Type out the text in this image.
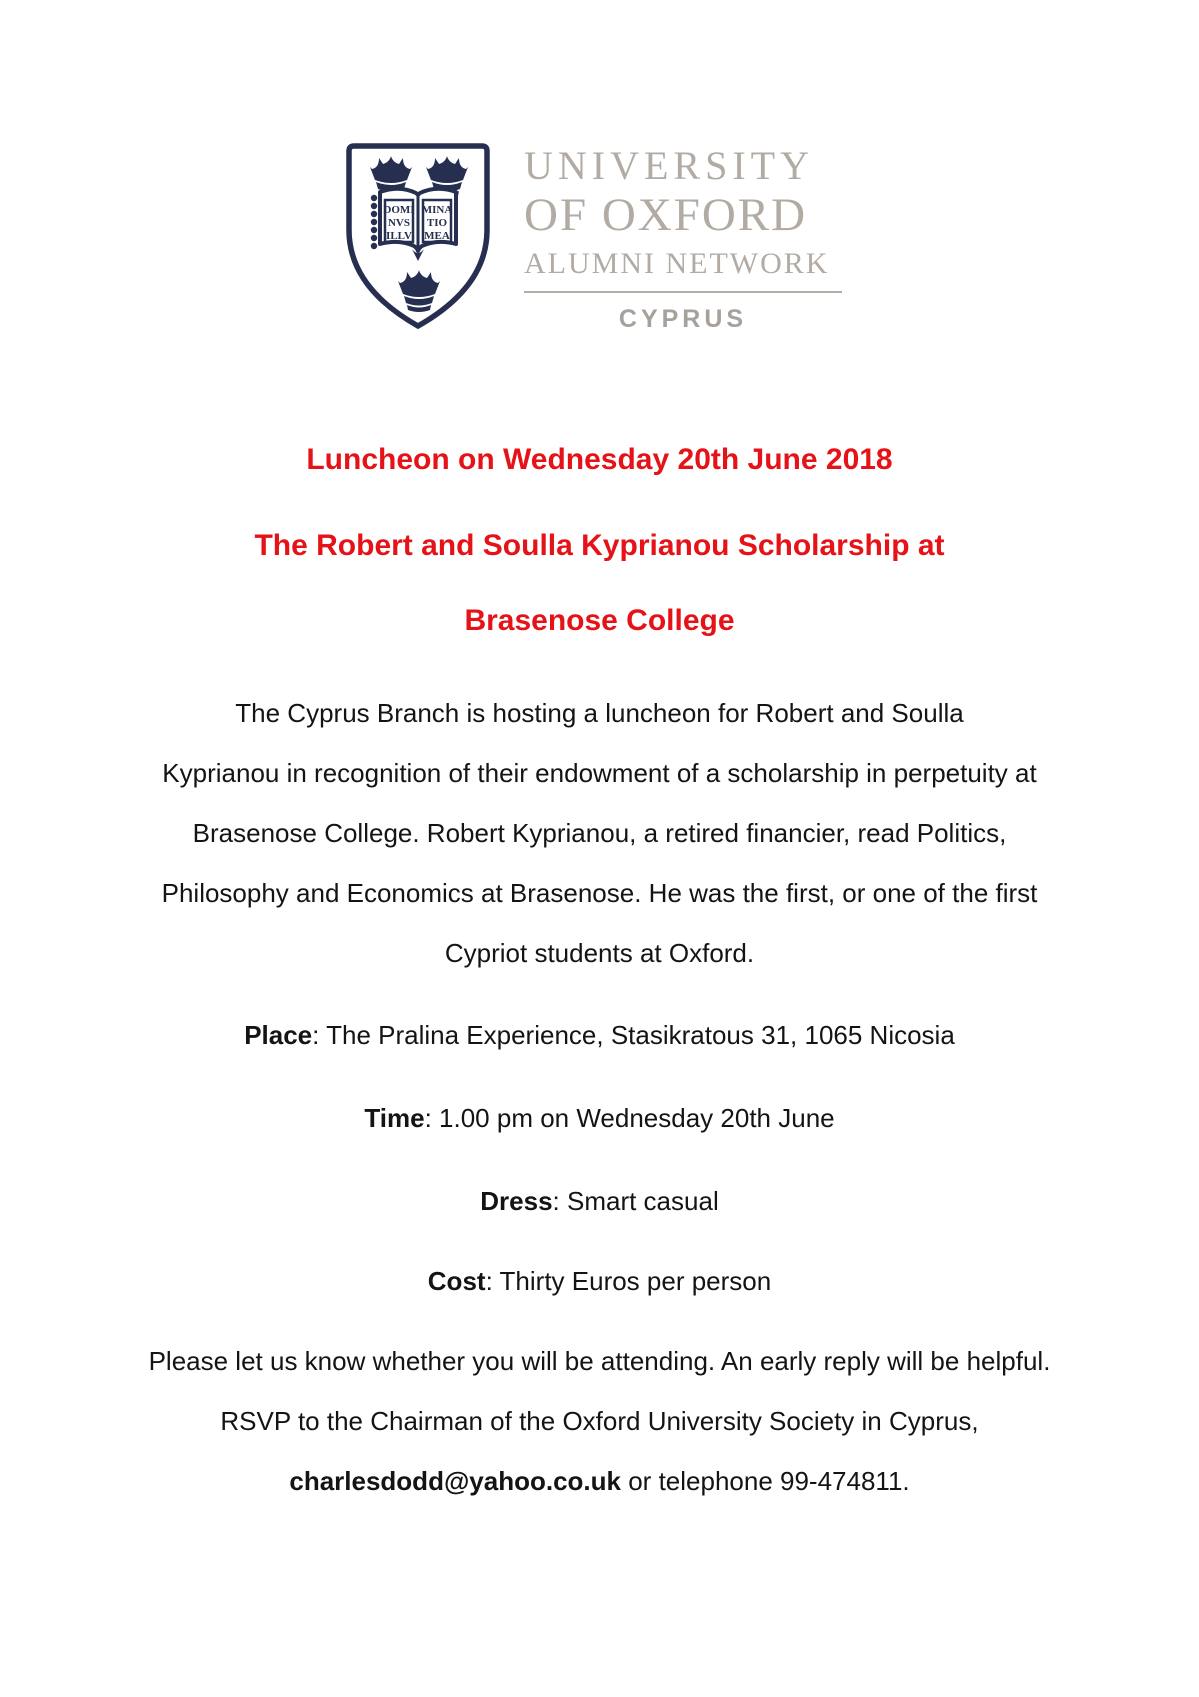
DOMI
NVS
ILLV
MINA
TIO
MEA
UNIVERSITY
OF OXFORD
ALUMNI NETWORK
CYPRUS
Luncheon on Wednesday 20th June 2018
The Robert and Soulla Kyprianou Scholarship at
Brasenose College
The Cyprus Branch is hosting a luncheon for Robert and Soulla
Kyprianou in recognition of their endowment of a scholarship in perpetuity at
Brasenose College. Robert Kyprianou, a retired financier, read Politics,
Philosophy and Economics at Brasenose. He was the first, or one of the first
Cypriot students at Oxford.
Place: The Pralina Experience, Stasikratous 31, 1065 Nicosia
Time: 1.00 pm on Wednesday 20th June
Dress: Smart casual
Cost: Thirty Euros per person
Please let us know whether you will be attending. An early reply will be helpful.
RSVP to the Chairman of the Oxford University Society in Cyprus,
charlesdodd@yahoo.co.uk or telephone 99-474811.
